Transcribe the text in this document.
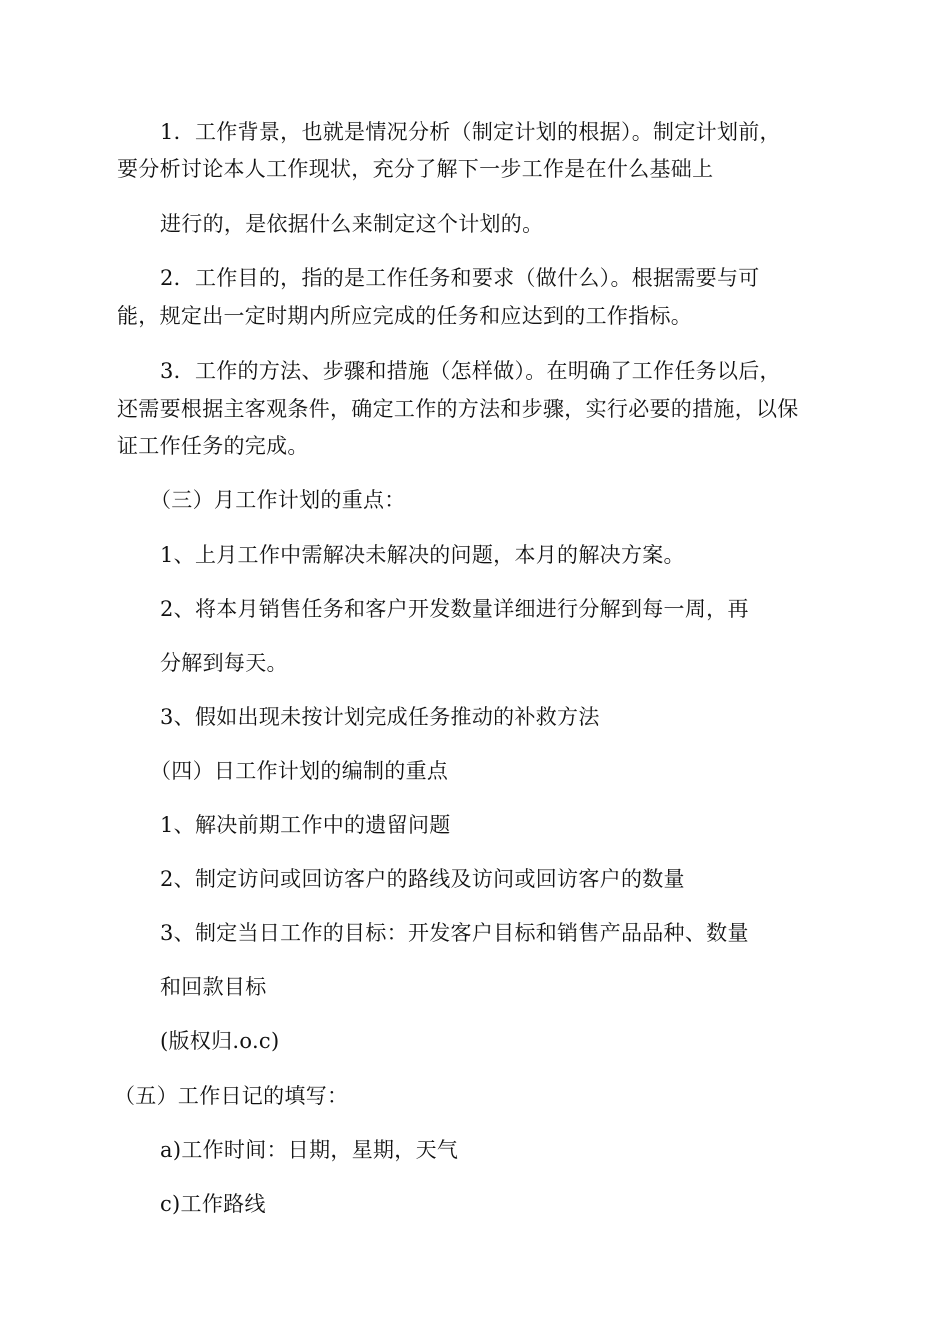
1．工作背景，也就是情况分析（制定计划的根据）。制定计划前，
要分析讨论本人工作现状，充分了解下一步工作是在什么基础上
进行的，是依据什么来制定这个计划的。
2．工作目的，指的是工作任务和要求（做什么）。根据需要与可
能，规定出一定时期内所应完成的任务和应达到的工作指标。
3．工作的方法、步骤和措施（怎样做）。在明确了工作任务以后，
还需要根据主客观条件，确定工作的方法和步骤，实行必要的措施，以保
证工作任务的完成。
（三）月工作计划的重点：
1、上月工作中需解决未解决的问题，本月的解决方案。
2、将本月销售任务和客户开发数量详细进行分解到每一周，再
分解到每天。
3、假如出现未按计划完成任务推动的补救方法
（四）日工作计划的编制的重点
1、解决前期工作中的遗留问题
2、制定访问或回访客户的路线及访问或回访客户的数量
3、制定当日工作的目标：开发客户目标和销售产品品种、数量
和回款目标
(版权归.o.c)
（五）工作日记的填写：
a)工作时间：日期，星期，天气
c)工作路线
